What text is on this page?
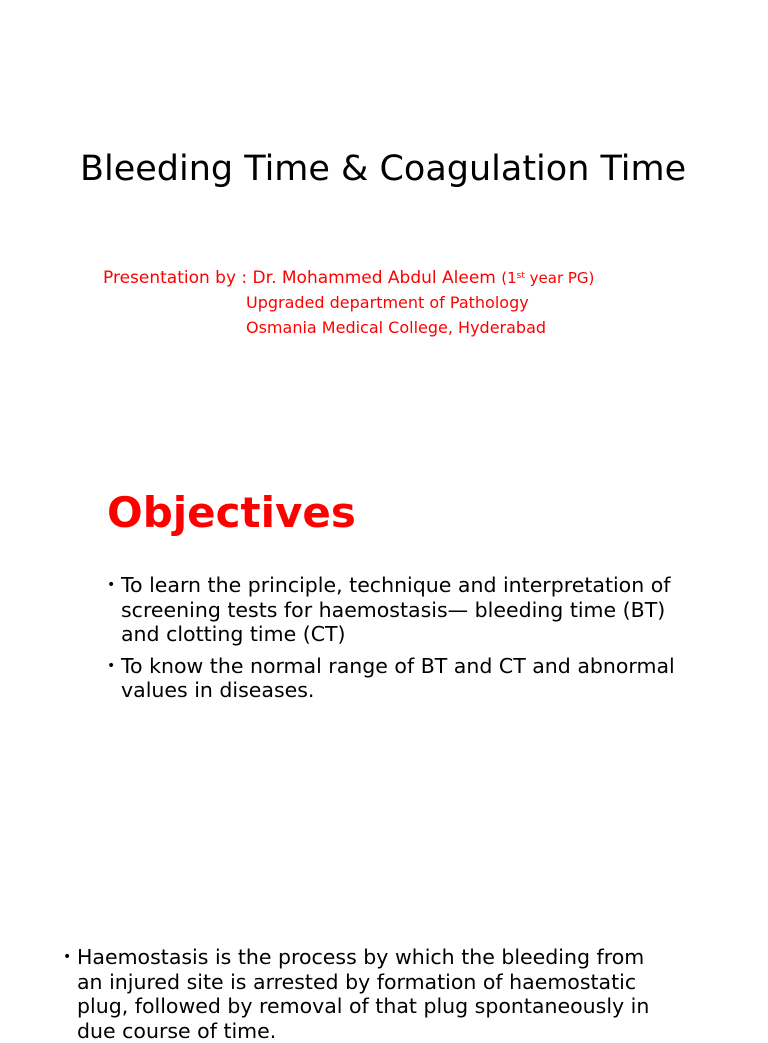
Bleeding Time & Coagulation Time
Presentation by : Dr. Mohammed Abdul Aleem (1st year PG)
Upgraded department of Pathology
Osmania Medical College, Hyderabad
Objectives
• To learn the principle, technique and interpretation of screening tests for haemostasis— bleeding time (BT) and clotting time (CT)
• To know the normal range of BT and CT and abnormal values in diseases.
• Haemostasis is the process by which the bleeding from an injured site is arrested by formation of haemostatic plug, followed by removal of that plug spontaneously in due course of time.
